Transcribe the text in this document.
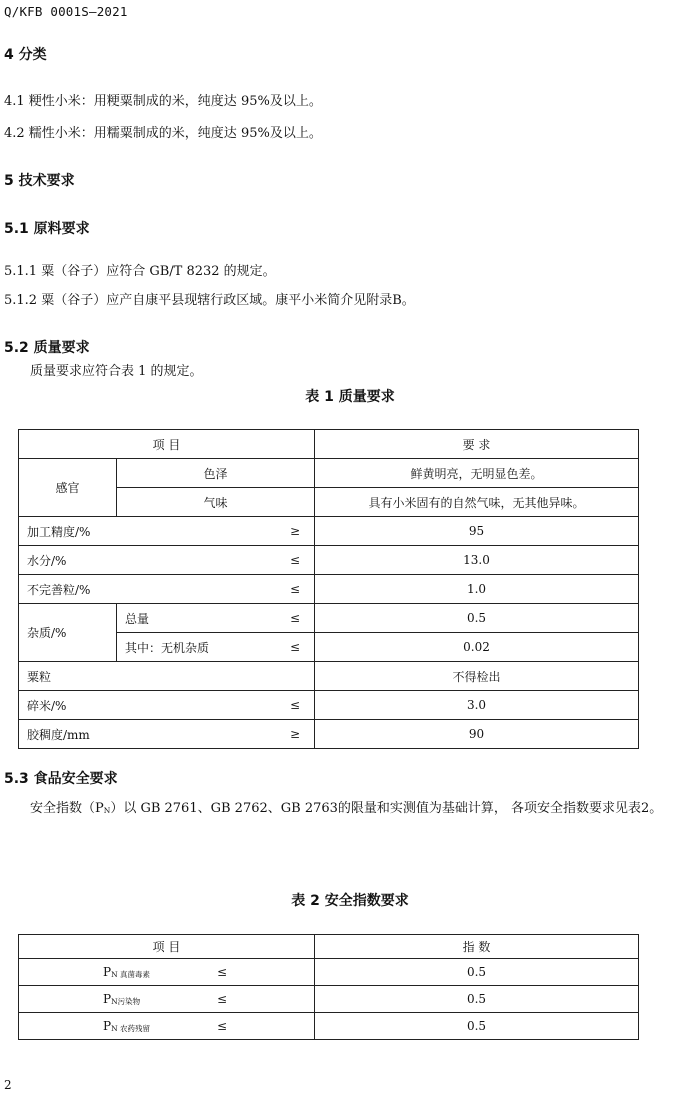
Q/KFB 0001S—2021
4 分类
4.1 粳性小米：用粳粟制成的米，纯度达 95%及以上。
4.2 糯性小米：用糯粟制成的米，纯度达 95%及以上。
5 技术要求
5.1 原料要求
5.1.1 粟（谷子）应符合 GB/T 8232 的规定。
5.1.2 粟（谷子）应产自康平县现辖行政区域。康平小米简介见附录B。
5.2 质量要求
质量要求应符合表 1 的规定。
表 1 质量要求
项 目		要 求
感官	色泽	鲜黄明亮，无明显色差。
	气味	具有小米固有的自然气味，无其他异味。
加工精度/% ≥		95
水分/% ≤		13.0
不完善粒/% ≤		1.0
杂质/%	总量 ≤	0.5
	其中：无机杂质 ≤	0.02
粟粒		不得检出
碎米/% ≤		3.0
胶稠度/mm ≥		90
5.3 食品安全要求
安全指数（PN）以 GB 2761、GB 2762、GB 2763的限量和实测值为基础计算， 各项安全指数要求见表2。
表 2 安全指数要求
项 目	指 数
PN 真菌毒素 ≤	0.5
PN污染物 ≤	0.5
PN 农药残留 ≤	0.5
2
